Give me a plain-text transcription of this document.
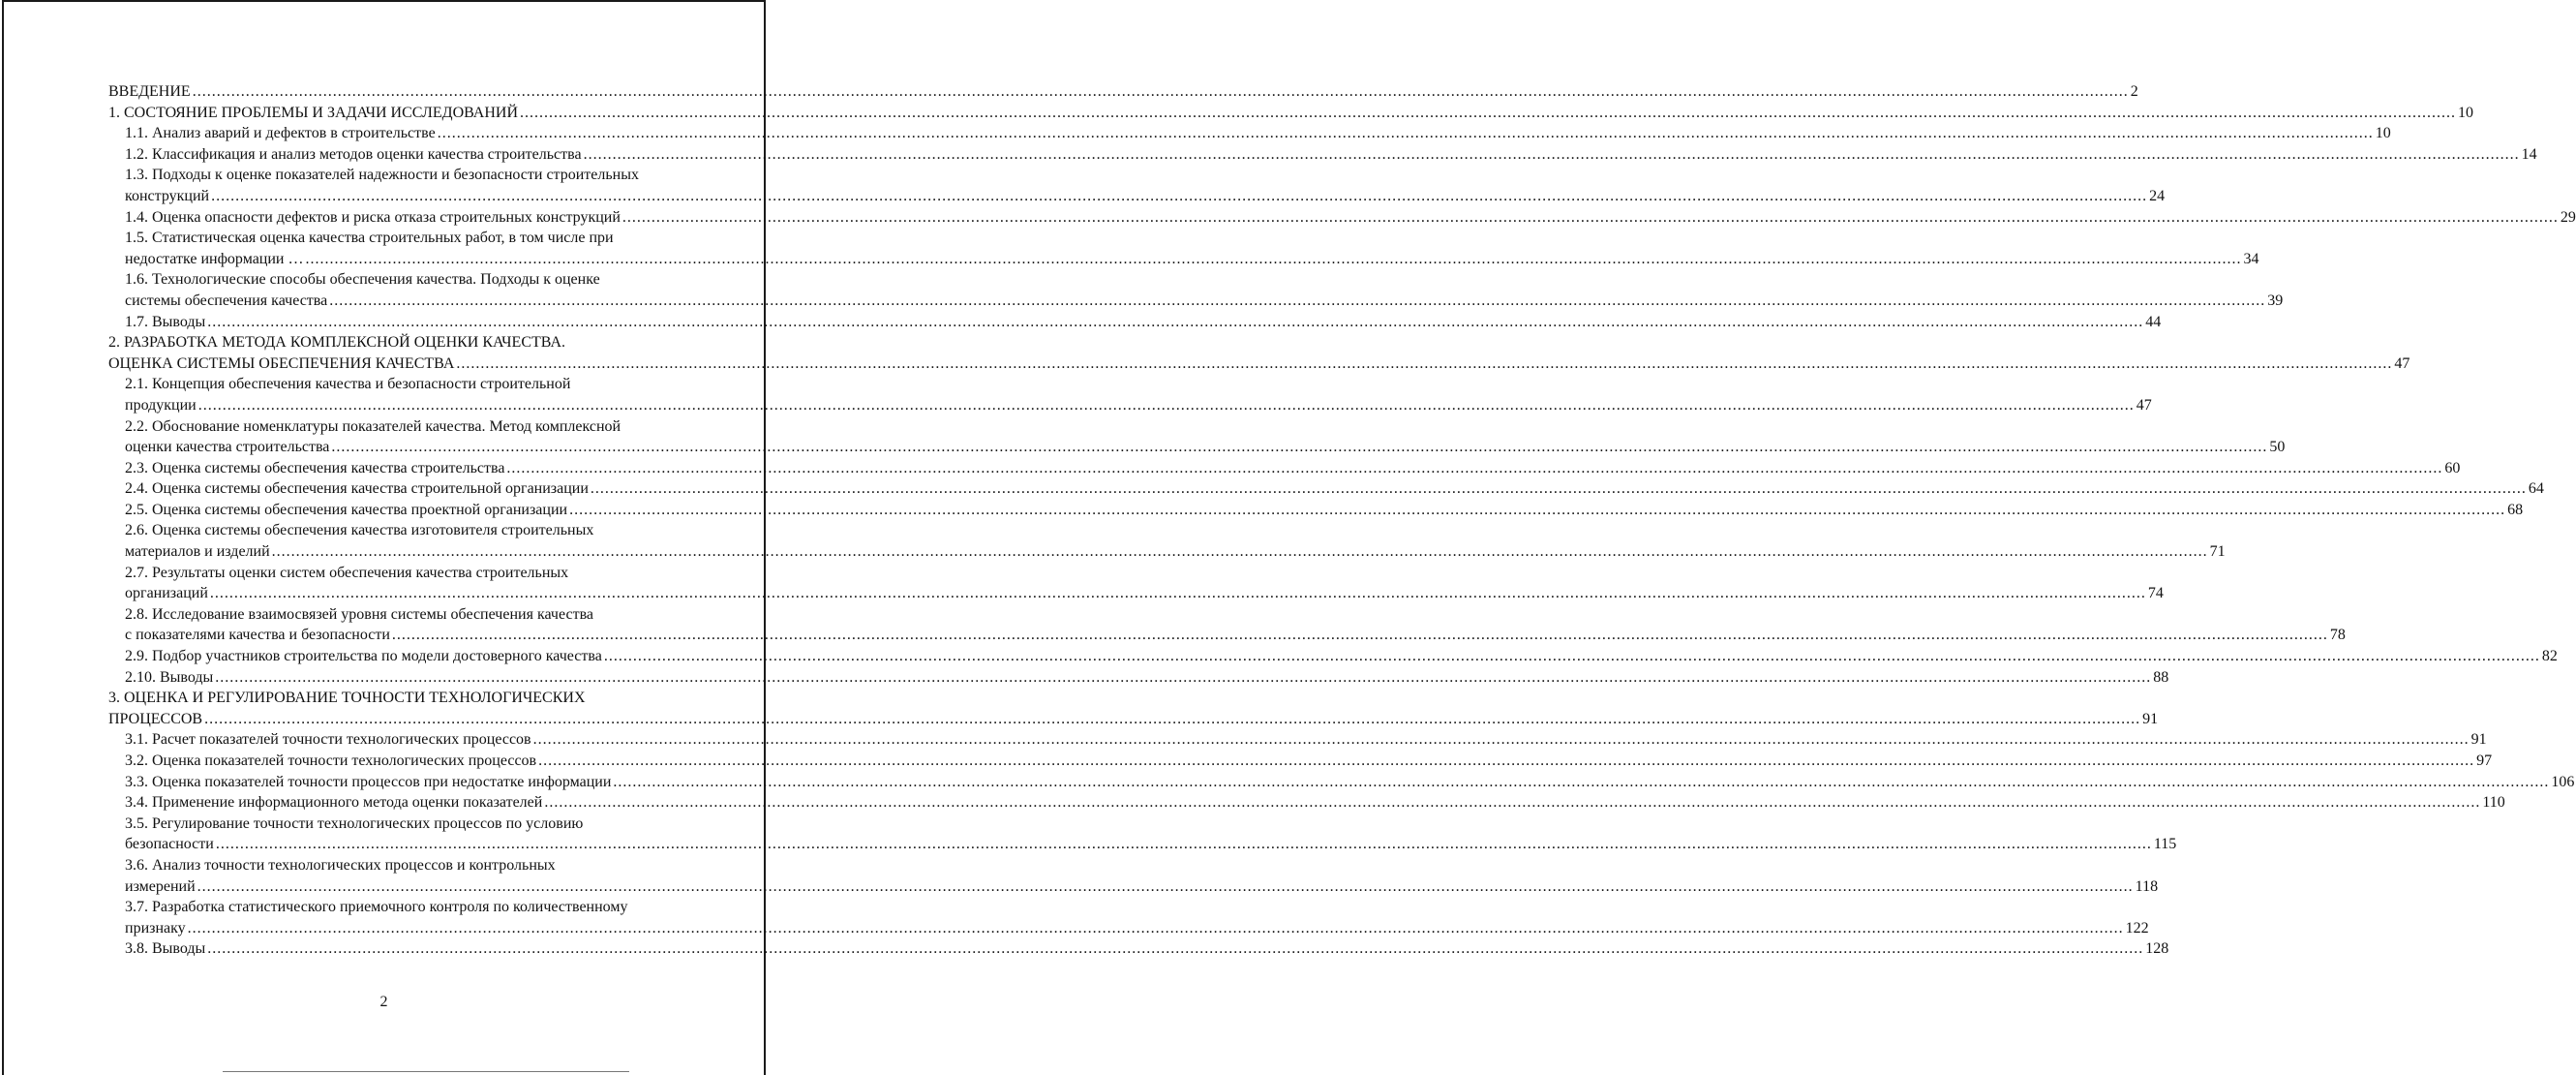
ВВЕДЕНИЕ ................................................................................................................................................................................................................................................................................................................................................................................................................ 2
1. СОСТОЯНИЕ ПРОБЛЕМЫ И ЗАДАЧИ ИССЛЕДОВАНИЙ ................................................................................................................................................................................................................................................................................................................................................................................................................ 10
1.1. Анализ аварий и дефектов в строительстве ................................................................................................................................................................................................................................................................................................................................................................................................................ 10
1.2. Классификация и анализ методов оценки качества строительства ................................................................................................................................................................................................................................................................................................................................................................................................................ 14
1.3. Подходы к оценке показателей надежности и безопасности строительных
конструкций ................................................................................................................................................................................................................................................................................................................................................................................................................ 24
1.4. Оценка опасности дефектов и риска отказа строительных конструкций ................................................................................................................................................................................................................................................................................................................................................................................................................ 29
1.5. Статистическая оценка качества строительных работ, в том числе при
недостатке информации … ................................................................................................................................................................................................................................................................................................................................................................................................................ 34
1.6. Технологические способы обеспечения качества. Подходы к оценке
системы обеспечения качества ................................................................................................................................................................................................................................................................................................................................................................................................................ 39
1.7. Выводы ................................................................................................................................................................................................................................................................................................................................................................................................................ 44
2. РАЗРАБОТКА МЕТОДА КОМПЛЕКСНОЙ ОЦЕНКИ КАЧЕСТВА.
ОЦЕНКА СИСТЕМЫ ОБЕСПЕЧЕНИЯ КАЧЕСТВА ................................................................................................................................................................................................................................................................................................................................................................................................................ 47
2.1. Концепция обеспечения качества и безопасности строительной
продукции ................................................................................................................................................................................................................................................................................................................................................................................................................ 47
2.2. Обоснование номенклатуры показателей качества. Метод комплексной
оценки качества строительства ................................................................................................................................................................................................................................................................................................................................................................................................................ 50
2.3. Оценка системы обеспечения качества строительства ................................................................................................................................................................................................................................................................................................................................................................................................................ 60
2.4. Оценка системы обеспечения качества строительной организации ................................................................................................................................................................................................................................................................................................................................................................................................................ 64
2.5. Оценка системы обеспечения качества проектной организации ................................................................................................................................................................................................................................................................................................................................................................................................................ 68
2.6. Оценка системы обеспечения качества изготовителя строительных
материалов и изделий ................................................................................................................................................................................................................................................................................................................................................................................................................ 71
2.7. Результаты оценки систем обеспечения качества строительных
организаций ................................................................................................................................................................................................................................................................................................................................................................................................................ 74
2.8. Исследование взаимосвязей уровня системы обеспечения качества
с показателями качества и безопасности ................................................................................................................................................................................................................................................................................................................................................................................................................ 78
2.9. Подбор участников строительства по модели достоверного качества ................................................................................................................................................................................................................................................................................................................................................................................................................ 82
2.10. Выводы ................................................................................................................................................................................................................................................................................................................................................................................................................ 88
3. ОЦЕНКА И РЕГУЛИРОВАНИЕ ТОЧНОСТИ ТЕХНОЛОГИЧЕСКИХ
ПРОЦЕССОВ ................................................................................................................................................................................................................................................................................................................................................................................................................ 91
3.1. Расчет показателей точности технологических процессов ................................................................................................................................................................................................................................................................................................................................................................................................................ 91
3.2. Оценка показателей точности технологических процессов ................................................................................................................................................................................................................................................................................................................................................................................................................ 97
3.3. Оценка показателей точности процессов при недостатке информации ................................................................................................................................................................................................................................................................................................................................................................................................................ 106
3.4. Применение информационного метода оценки показателей ................................................................................................................................................................................................................................................................................................................................................................................................................ 110
3.5. Регулирование точности технологических процессов по условию
безопасности ................................................................................................................................................................................................................................................................................................................................................................................................................ 115
3.6. Анализ точности технологических процессов и контрольных
измерений ................................................................................................................................................................................................................................................................................................................................................................................................................ 118
3.7. Разработка статистического приемочного контроля по количественному
признаку ................................................................................................................................................................................................................................................................................................................................................................................................................ 122
3.8. Выводы ................................................................................................................................................................................................................................................................................................................................................................................................................ 128
2
